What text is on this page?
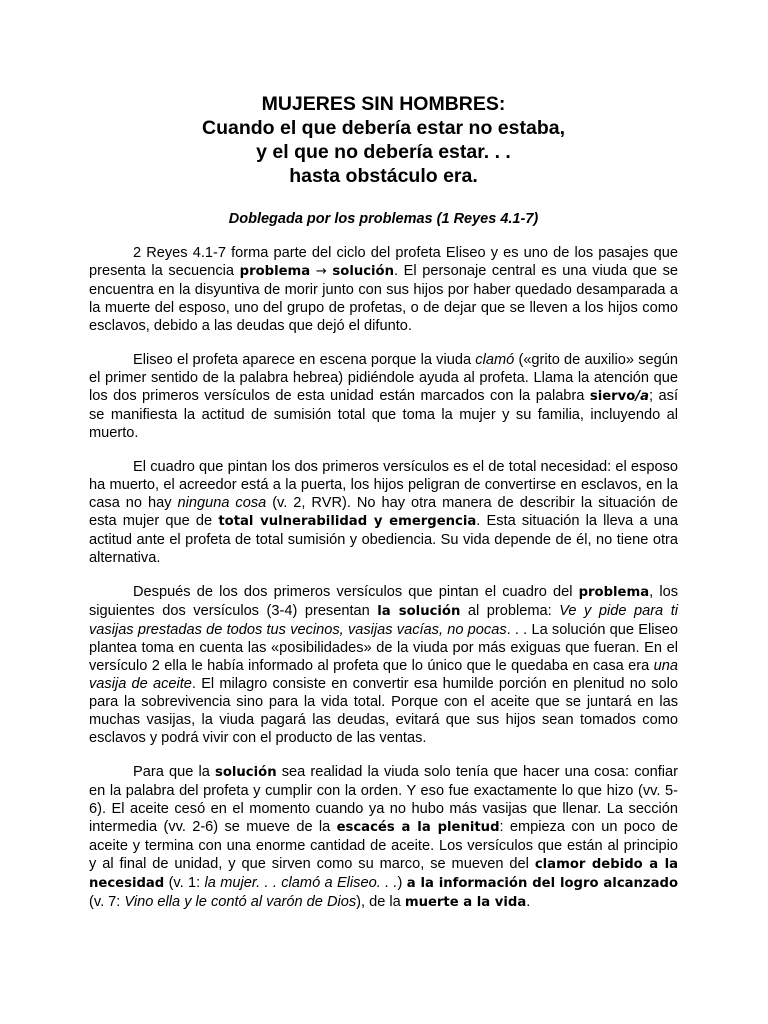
MUJERES SIN HOMBRES:
Cuando el que debería estar no estaba,
y el que no debería estar. . .
hasta obstáculo era.
Doblegada por los problemas (1 Reyes 4.1-7)

2 Reyes 4.1-7 forma parte del ciclo del profeta Eliseo y es uno de los pasajes que presenta la secuencia problema → solución. El personaje central es una viuda que se encuentra en la disyuntiva de morir junto con sus hijos por haber quedado desamparada a la muerte del esposo, uno del grupo de profetas, o de dejar que se lleven a los hijos como esclavos, debido a las deudas que dejó el difunto.

Eliseo el profeta aparece en escena porque la viuda clamó («grito de auxilio» según el primer sentido de la palabra hebrea) pidiéndole ayuda al profeta. Llama la atención que los dos primeros versículos de esta unidad están marcados con la palabra siervo/a; así se manifiesta la actitud de sumisión total que toma la mujer y su familia, incluyendo al muerto.

El cuadro que pintan los dos primeros versículos es el de total necesidad: el esposo ha muerto, el acreedor está a la puerta, los hijos peligran de convertirse en esclavos, en la casa no hay ninguna cosa (v. 2, RVR). No hay otra manera de describir la situación de esta mujer que de total vulnerabilidad y emergencia. Esta situación la lleva a una actitud ante el profeta de total sumisión y obediencia. Su vida depende de él, no tiene otra alternativa.

Después de los dos primeros versículos que pintan el cuadro del problema, los siguientes dos versículos (3-4) presentan la solución al problema: Ve y pide para ti vasijas prestadas de todos tus vecinos, vasijas vacías, no pocas. . . La solución que Eliseo plantea toma en cuenta las «posibilidades» de la viuda por más exiguas que fueran. En el versículo 2 ella le había informado al profeta que lo único que le quedaba en casa era una vasija de aceite. El milagro consiste en convertir esa humilde porción en plenitud no solo para la sobrevivencia sino para la vida total. Porque con el aceite que se juntará en las muchas vasijas, la viuda pagará las deudas, evitará que sus hijos sean tomados como esclavos y podrá vivir con el producto de las ventas.

Para que la solución sea realidad la viuda solo tenía que hacer una cosa: confiar en la palabra del profeta y cumplir con la orden. Y eso fue exactamente lo que hizo (vv. 5-6). El aceite cesó en el momento cuando ya no hubo más vasijas que llenar. La sección intermedia (vv. 2-6) se mueve de la escacés a la plenitud: empieza con un poco de aceite y termina con una enorme cantidad de aceite. Los versículos que están al principio y al final de unidad, y que sirven como su marco, se mueven del clamor debido a la necesidad (v. 1: la mujer. . . clamó a Eliseo. . .) a la información del logro alcanzado (v. 7: Vino ella y le contó al varón de Dios), de la muerte a la vida.
